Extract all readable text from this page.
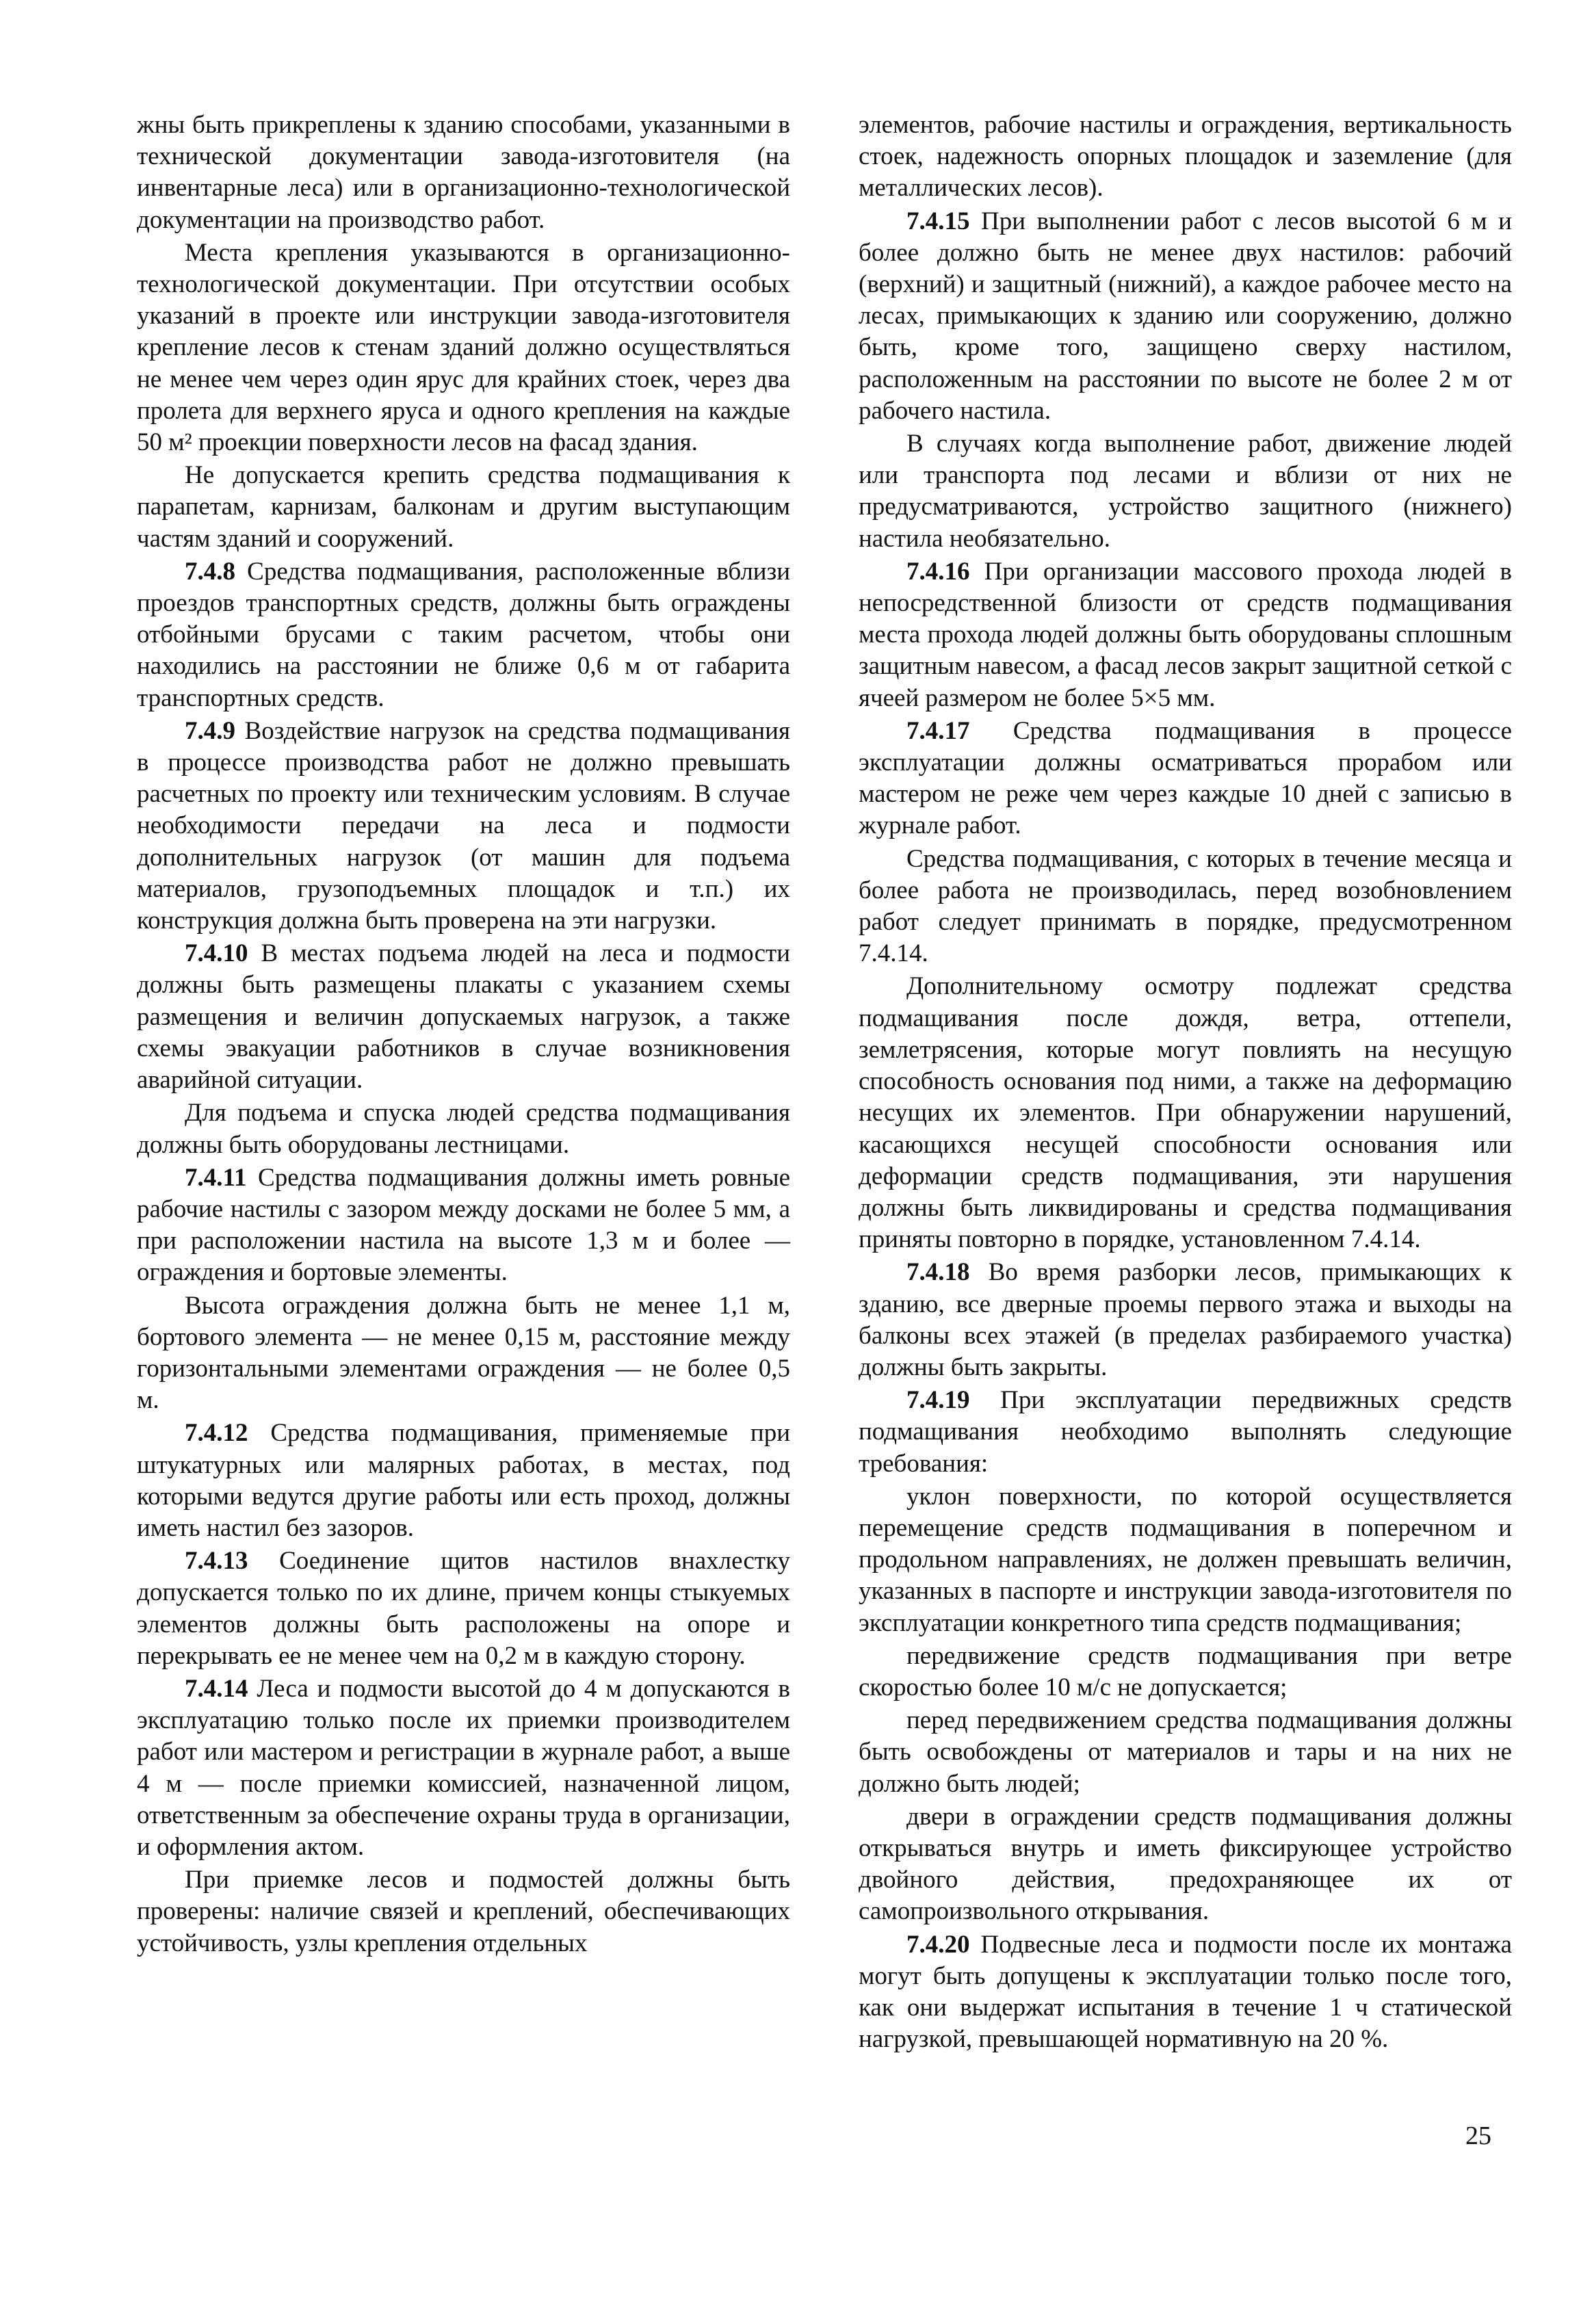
жны быть прикреплены к зданию способами, указанными в технической документации завода-изготовителя (на инвентарные леса) или в организационно-технологической документации на производство работ.

Места крепления указываются в организационно-технологической документации. При отсутствии особых указаний в проекте или инструкции завода-изготовителя крепление лесов к стенам зданий должно осуществляться не менее чем через один ярус для крайних стоек, через два пролета для верхнего яруса и одного крепления на каждые 50 м² проекции поверхности лесов на фасад здания.

Не допускается крепить средства подмащивания к парапетам, карнизам, балконам и другим выступающим частям зданий и сооружений.

7.4.8 Средства подмащивания, расположенные вблизи проездов транспортных средств, должны быть ограждены отбойными брусами с таким расчетом, чтобы они находились на расстоянии не ближе 0,6 м от габарита транспортных средств.

7.4.9 Воздействие нагрузок на средства подмащивания в процессе производства работ не должно превышать расчетных по проекту или техническим условиям. В случае необходимости передачи на леса и подмости дополнительных нагрузок (от машин для подъема материалов, грузоподъемных площадок и т.п.) их конструкция должна быть проверена на эти нагрузки.

7.4.10 В местах подъема людей на леса и подмости должны быть размещены плакаты с указанием схемы размещения и величин допускаемых нагрузок, а также схемы эвакуации работников в случае возникновения аварийной ситуации.

Для подъема и спуска людей средства подмащивания должны быть оборудованы лестницами.

7.4.11 Средства подмащивания должны иметь ровные рабочие настилы с зазором между досками не более 5 мм, а при расположении настила на высоте 1,3 м и более — ограждения и бортовые элементы.

Высота ограждения должна быть не менее 1,1 м, бортового элемента — не менее 0,15 м, расстояние между горизонтальными элементами ограждения — не более 0,5 м.

7.4.12 Средства подмащивания, применяемые при штукатурных или малярных работах, в местах, под которыми ведутся другие работы или есть проход, должны иметь настил без зазоров.

7.4.13 Соединение щитов настилов внахлестку допускается только по их длине, причем концы стыкуемых элементов должны быть расположены на опоре и перекрывать ее не менее чем на 0,2 м в каждую сторону.

7.4.14 Леса и подмости высотой до 4 м допускаются в эксплуатацию только после их приемки производителем работ или мастером и регистрации в журнале работ, а выше 4 м — после приемки комиссией, назначенной лицом, ответственным за обеспечение охраны труда в организации, и оформления актом.

При приемке лесов и подмостей должны быть проверены: наличие связей и креплений, обеспечивающих устойчивость, узлы крепления отдельных

элементов, рабочие настилы и ограждения, вертикальность стоек, надежность опорных площадок и заземление (для металлических лесов).

7.4.15 При выполнении работ с лесов высотой 6 м и более должно быть не менее двух настилов: рабочий (верхний) и защитный (нижний), а каждое рабочее место на лесах, примыкающих к зданию или сооружению, должно быть, кроме того, защищено сверху настилом, расположенным на расстоянии по высоте не более 2 м от рабочего настила.

В случаях когда выполнение работ, движение людей или транспорта под лесами и вблизи от них не предусматриваются, устройство защитного (нижнего) настила необязательно.

7.4.16 При организации массового прохода людей в непосредственной близости от средств подмащивания места прохода людей должны быть оборудованы сплошным защитным навесом, а фасад лесов закрыт защитной сеткой с ячеей размером не более 5×5 мм.

7.4.17 Средства подмащивания в процессе эксплуатации должны осматриваться прорабом или мастером не реже чем через каждые 10 дней с записью в журнале работ.

Средства подмащивания, с которых в течение месяца и более работа не производилась, перед возобновлением работ следует принимать в порядке, предусмотренном 7.4.14.

Дополнительному осмотру подлежат средства подмащивания после дождя, ветра, оттепели, землетрясения, которые могут повлиять на несущую способность основания под ними, а также на деформацию несущих их элементов. При обнаружении нарушений, касающихся несущей способности основания или деформации средств подмащивания, эти нарушения должны быть ликвидированы и средства подмащивания приняты повторно в порядке, установленном 7.4.14.

7.4.18 Во время разборки лесов, примыкающих к зданию, все дверные проемы первого этажа и выходы на балконы всех этажей (в пределах разбираемого участка) должны быть закрыты.

7.4.19 При эксплуатации передвижных средств подмащивания необходимо выполнять следующие требования:

уклон поверхности, по которой осуществляется перемещение средств подмащивания в поперечном и продольном направлениях, не должен превышать величин, указанных в паспорте и инструкции завода-изготовителя по эксплуатации конкретного типа средств подмащивания;

передвижение средств подмащивания при ветре скоростью более 10 м/с не допускается;

перед передвижением средства подмащивания должны быть освобождены от материалов и тары и на них не должно быть людей;

двери в ограждении средств подмащивания должны открываться внутрь и иметь фиксирующее устройство двойного действия, предохраняющее их от самопроизвольного открывания.

7.4.20 Подвесные леса и подмости после их монтажа могут быть допущены к эксплуатации только после того, как они выдержат испытания в течение 1 ч статической нагрузкой, превышающей нормативную на 20 %.

25
